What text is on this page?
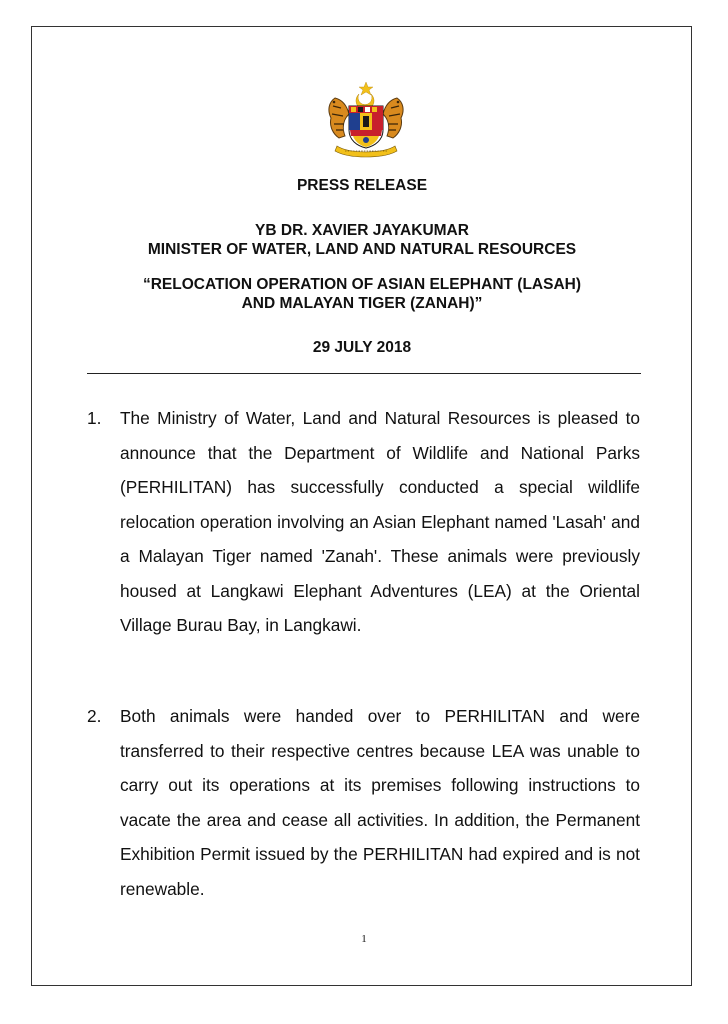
PRESS RELEASE

YB DR. XAVIER JAYAKUMAR
MINISTER OF WATER, LAND AND NATURAL RESOURCES
“RELOCATION OPERATION OF ASIAN ELEPHANT (LASAH)
AND MALAYAN TIGER (ZANAH)”

29 JULY 2018

1. The Ministry of Water, Land and Natural Resources is pleased to announce that the Department of Wildlife and National Parks (PERHILITAN) has successfully conducted a special wildlife relocation operation involving an Asian Elephant named 'Lasah' and a Malayan Tiger named 'Zanah'. These animals were previously housed at Langkawi Elephant Adventures (LEA) at the Oriental Village Burau Bay, in Langkawi.
2. Both animals were handed over to PERHILITAN and were transferred to their respective centres because LEA was unable to carry out its operations at its premises following instructions to vacate the area and cease all activities. In addition, the Permanent Exhibition Permit issued by the PERHILITAN had expired and is not renewable.
1
